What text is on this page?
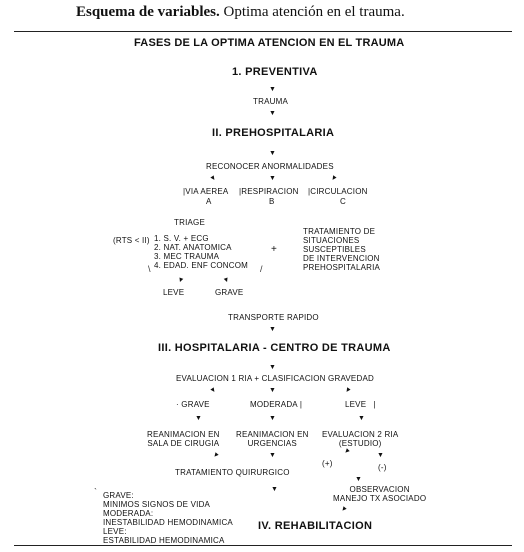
Esquema de variables. Optima atención en el trauma.
FASES DE LA OPTIMA ATENCION EN EL TRAUMA
1. PREVENTIVA
▼
TRAUMA
▼
II. PREHOSPITALARIA
▼
RECONOCER ANORMALIDADES
▼	▼	▼
|VIA AEREA
A
|RESPIRACION
B
|CIRCULACION
C
TRIAGE
(RTS < II) 1. S. V. + ECG
2. NAT. ANATOMICA
3. MEC TRAUMA
4. EDAD. ENF CONCOM
+
TRATAMIENTO DE
SITUACIONES
SUSCEPTIBLES
DE INTERVENCION
PREHOSPITALARIA
\	/
▼	▼
LEVE	GRAVE
TRANSPORTE RAPIDO
▼
III. HOSPITALARIA - CENTRO DE TRAUMA
▼
EVALUACION 1 RIA + CLASIFICACION GRAVEDAD
▼	▼	▼
· GRAVE	MODERADA |	LEVE   |
▼	▼	▼
REANIMACION EN
SALA DE CIRUGIA
REANIMACION EN
URGENCIAS
EVALUACION 2 RIA
(ESTUDIO)
▼	▼	▼	▼
(+)	(-)
TRATAMIENTO QUIRURGICO
▼
OBSERVACION
MANEJO TX ASOCIADO
▼
▼
` GRAVE:
MINIMOS SIGNOS DE VIDA
MODERADA:
INESTABILIDAD HEMODINAMICA
LEVE:
ESTABILIDAD HEMODINAMICA
IV. REHABILITACION
